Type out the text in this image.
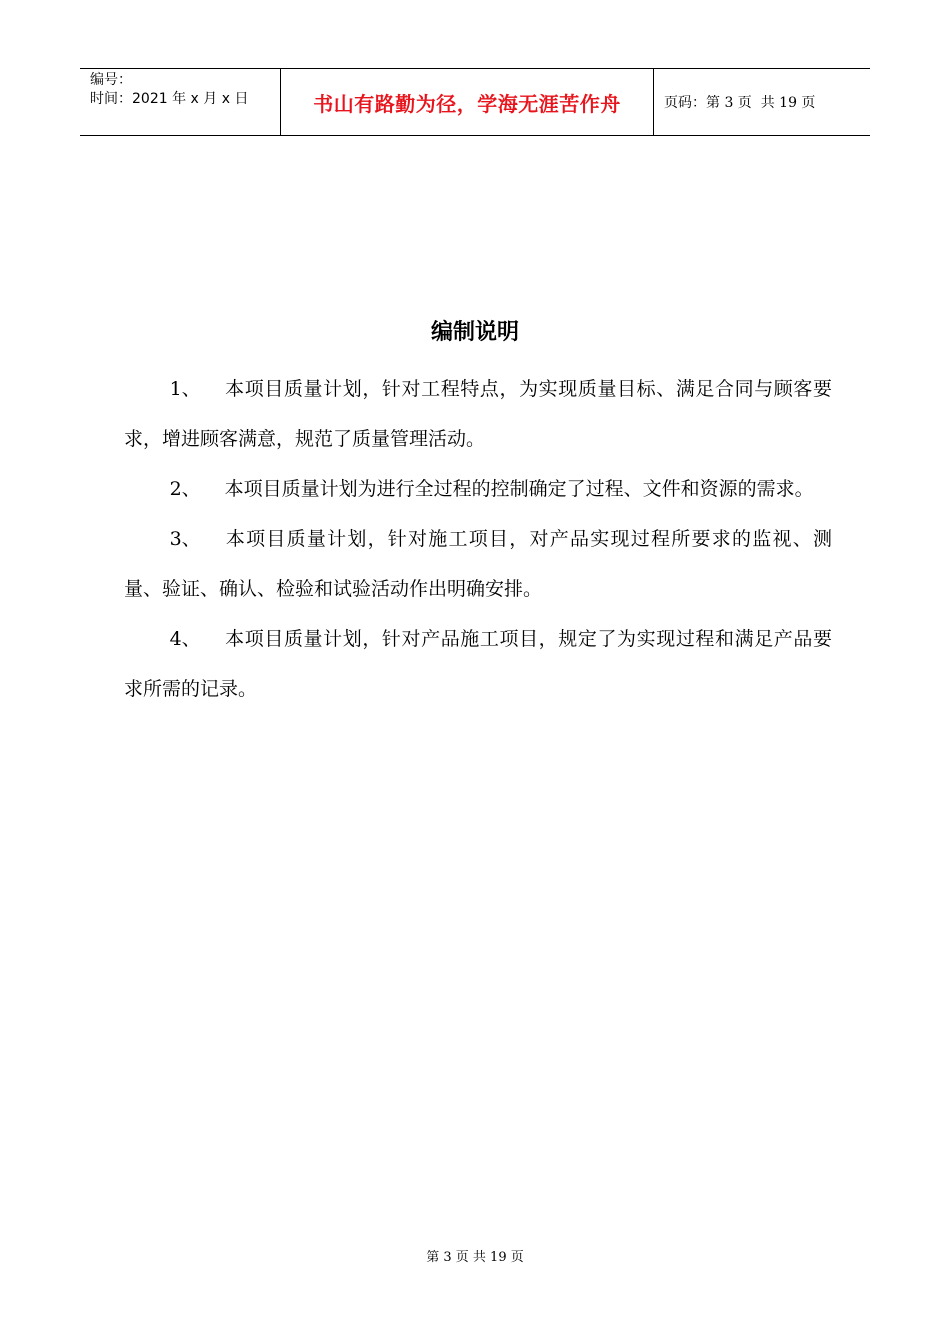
编号：
时间：2021 年 x 月 x 日	书山有路勤为径，学海无涯苦作舟	页码：第 3 页  共 19 页
编制说明

1、 本项目质量计划，针对工程特点，为实现质量目标、满足合同与顾客要求，增进顾客满意，规范了质量管理活动。

2、 本项目质量计划为进行全过程的控制确定了过程、文件和资源的需求。

3、 本项目质量计划，针对施工项目，对产品实现过程所要求的监视、测量、验证、确认、检验和试验活动作出明确安排。

4、 本项目质量计划，针对产品施工项目，规定了为实现过程和满足产品要求所需的记录。

第 3 页 共 19 页
